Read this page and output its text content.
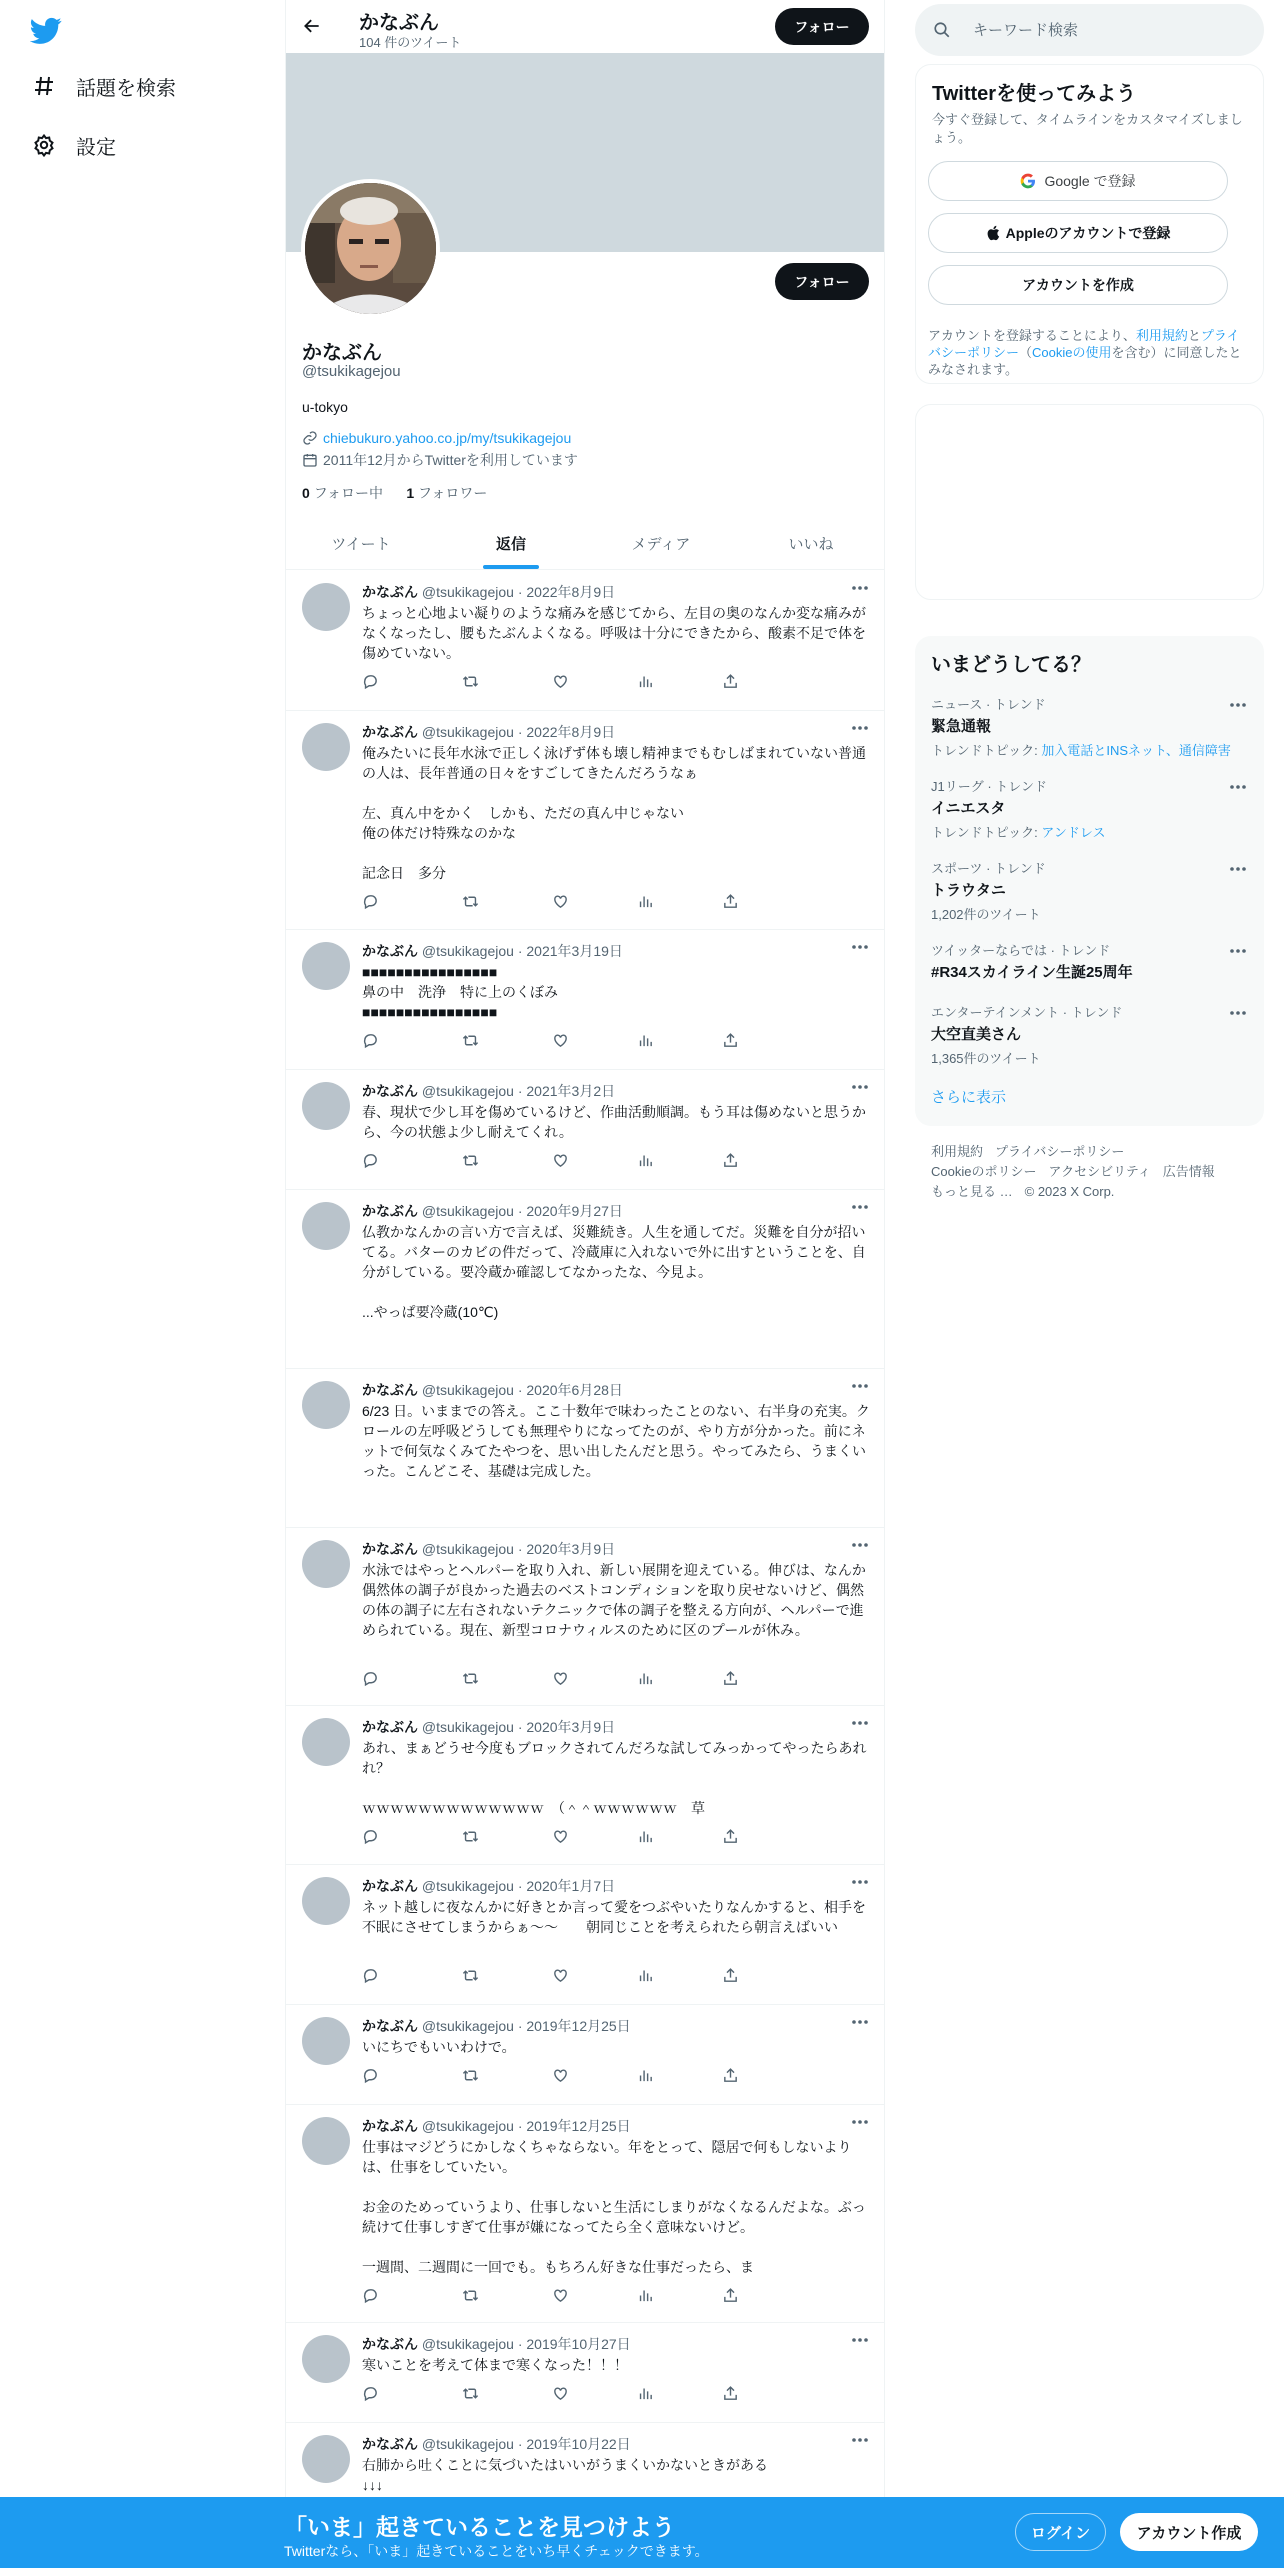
話題を検索
設定
かなぶん
104 件のツイート
フォロー
フォロー
かなぶん
@tsukikagejou
u-tokyo
chiebukuro.yahoo.co.jp/my/tsukikagejou
2011年12月からTwitterを利用しています
0 フォロー中 1 フォロワー
ツイート	返信	メディア	いいね
かなぶん @tsukikagejou · 2022年8月9日
ちょっと心地よい凝りのような痛みを感じてから、左目の奥のなんか変な痛みがなくなったし、腰もたぶんよくなる。呼吸は十分にできたから、酸素不足で体を傷めていない。
かなぶん @tsukikagejou · 2022年8月9日
俺みたいに長年水泳で正しく泳げず体も壊し精神までもむしばまれていない普通の人は、長年普通の日々をすごしてきたんだろうなぁ

左、真ん中をかく　しかも、ただの真ん中じゃない
俺の体だけ特殊なのかな

記念日　多分
かなぶん @tsukikagejou · 2021年3月19日
■■■■■■■■■■■■■■■■
鼻の中　洗浄　特に上のくぼみ
■■■■■■■■■■■■■■■■
かなぶん @tsukikagejou · 2021年3月2日
春、現状で少し耳を傷めているけど、作曲活動順調。もう耳は傷めないと思うから、今の状態よ少し耐えてくれ。
かなぶん @tsukikagejou · 2020年9月27日
仏教かなんかの言い方で言えば、災難続き。人生を通してだ。災難を自分が招いてる。バターのカビの件だって、冷蔵庫に入れないで外に出すということを、自分がしている。要冷蔵か確認してなかったな、今見よ。

...やっぱ要冷蔵(10℃)
かなぶん @tsukikagejou · 2020年6月28日
6/23 日。いままでの答え。ここ十数年で味わったことのない、右半身の充実。クロールの左呼吸どうしても無理やりになってたのが、やり方が分かった。前にネットで何気なくみてたやつを、思い出したんだと思う。やってみたら、うまくいった。こんどこそ、基礎は完成した。
かなぶん @tsukikagejou · 2020年3月9日
水泳ではやっとヘルパーを取り入れ、新しい展開を迎えている。伸びは、なんか偶然体の調子が良かった過去のベストコンディションを取り戻せないけど、偶然の体の調子に左右されないテクニックで体の調子を整える方向が、ヘルパーで進められている。現在、新型コロナウィルスのために区のプールが休み。
かなぶん @tsukikagejou · 2020年3月9日
あれ、まぁどうせ今度もブロックされてんだろな試してみっかってやったらあれれ？

ｗｗｗｗｗｗｗｗｗｗｗｗｗ　（＾＾ｗｗｗｗｗｗ　草
かなぶん @tsukikagejou · 2020年1月7日
ネット越しに夜なんかに好きとか言って愛をつぶやいたりなんかすると、相手を不眠にさせてしまうからぁ～～　　朝同じことを考えられたら朝言えばいい
かなぶん @tsukikagejou · 2019年12月25日
いにちでもいいわけで。
かなぶん @tsukikagejou · 2019年12月25日
仕事はマジどうにかしなくちゃならない。年をとって、隠居で何もしないよりは、仕事をしていたい。

お金のためっていうより、仕事しないと生活にしまりがなくなるんだよな。ぶっ続けて仕事しすぎて仕事が嫌になってたら全く意味ないけど。

一週間、二週間に一回でも。もちろん好きな仕事だったら、ま
かなぶん @tsukikagejou · 2019年10月27日
寒いことを考えて体まで寒くなった！！！
かなぶん @tsukikagejou · 2019年10月22日
右肺から吐くことに気づいたはいいがうまくいかないときがある
↓↓↓
キーワード検索
Twitterを使ってみよう
今すぐ登録して、タイムラインをカスタマイズしましょう。
Google で登録
Appleのアカウントで登録
アカウントを作成
アカウントを登録することにより、利用規約とプライバシーポリシー（Cookieの使用を含む）に同意したとみなされます。
いまどうしてる？
ニュース · トレンド
緊急通報
トレンドトピック: 加入電話とINSネット、通信障害
J1リーグ · トレンド
イニエスタ
トレンドトピック: アンドレス
スポーツ · トレンド
トラウタニ
1,202件のツイート
ツイッターならでは · トレンド
#R34スカイライン生誕25周年
エンターテインメント · トレンド
大空直美さん
1,365件のツイート
さらに表示
利用規約 プライバシーポリシー
Cookieのポリシー アクセシビリティ 広告情報
もっと見る … © 2023 X Corp.
「いま」起きていることを見つけよう
Twitterなら、「いま」起きていることをいち早くチェックできます。
ログイン	アカウント作成
